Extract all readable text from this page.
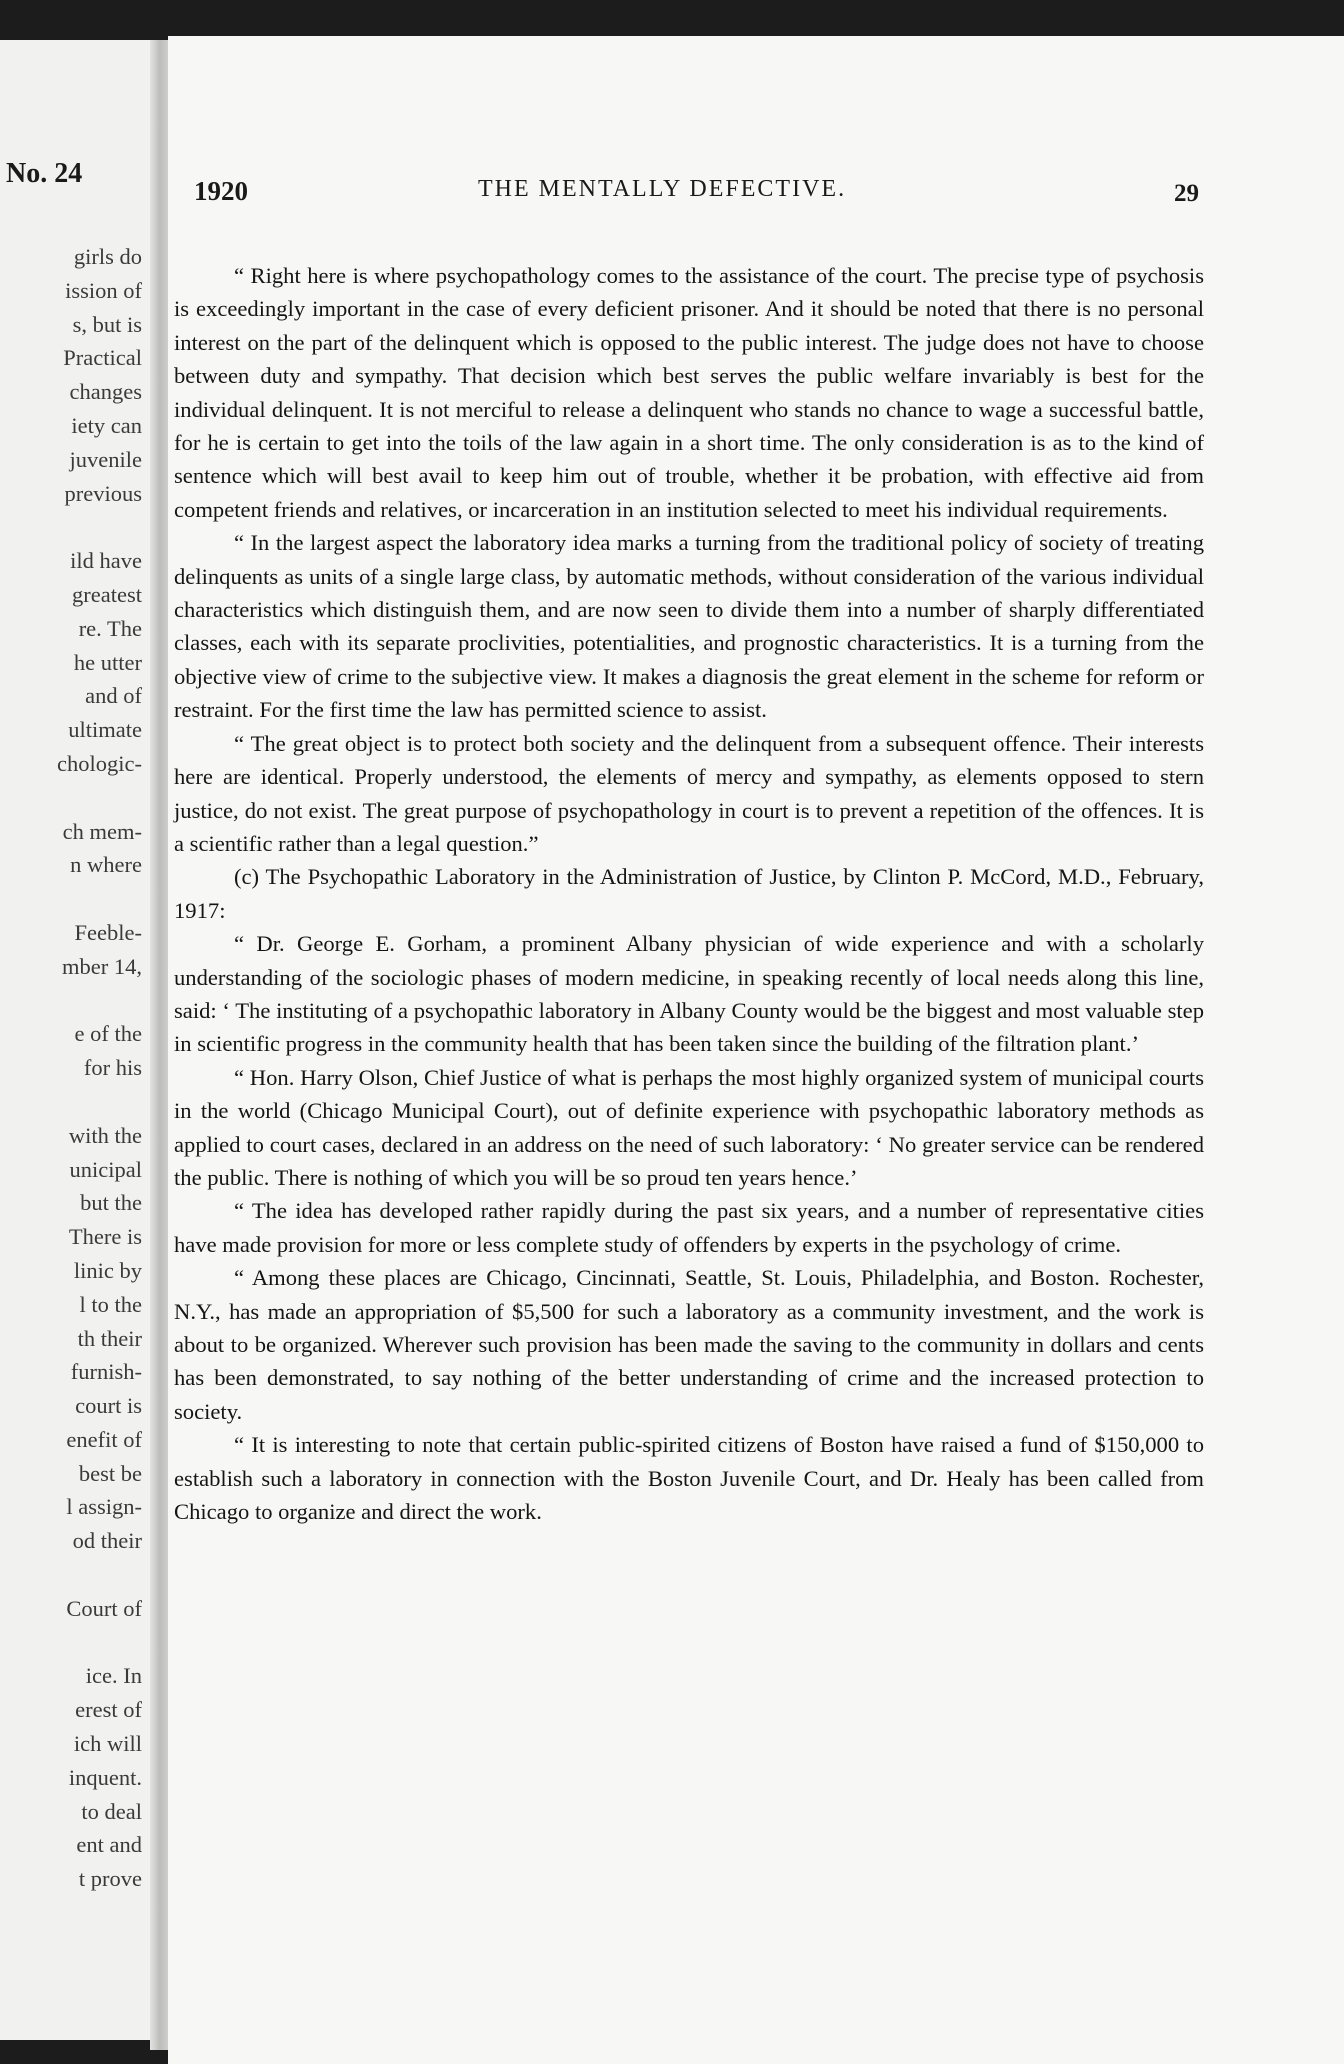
No. 24
girls do
ission of
s, but is
Practical
changes
iety can
juvenile
previous
ild have
greatest
re. The
he utter
and of
ultimate
chologic-
ch mem-
n where
Feeble-
mber 14,
e of the
for his
with the
unicipal
but the
There is
linic by
l to the
th their
furnish-
court is
enefit of
best be
l assign-
od their
Court of
ice. In
erest of
ich will
inquent.
to deal
ent and
t prove
1920	THE MENTALLY DEFECTIVE.	29

“ Right here is where psychopathology comes to the assistance of the court. The precise type of psychosis is exceedingly important in the case of every deficient prisoner. And it should be noted that there is no personal interest on the part of the delinquent which is opposed to the public interest. The judge does not have to choose between duty and sympathy. That decision which best serves the public welfare invariably is best for the individual delinquent. It is not merciful to release a delinquent who stands no chance to wage a successful battle, for he is certain to get into the toils of the law again in a short time. The only consideration is as to the kind of sentence which will best avail to keep him out of trouble, whether it be probation, with effective aid from competent friends and relatives, or incarceration in an institution selected to meet his individual requirements.

“ In the largest aspect the laboratory idea marks a turning from the traditional policy of society of treating delinquents as units of a single large class, by automatic methods, without consideration of the various individual characteristics which distinguish them, and are now seen to divide them into a number of sharply differentiated classes, each with its separate proclivities, potentialities, and prognostic characteristics. It is a turning from the objective view of crime to the subjective view. It makes a diagnosis the great element in the scheme for reform or restraint. For the first time the law has permitted science to assist.

“ The great object is to protect both society and the delinquent from a subsequent offence. Their interests here are identical. Properly understood, the elements of mercy and sympathy, as elements opposed to stern justice, do not exist. The great purpose of psychopathology in court is to prevent a repetition of the offences. It is a scientific rather than a legal question.”

(c) The Psychopathic Laboratory in the Administration of Justice, by Clinton P. McCord, M.D., February, 1917:

“ Dr. George E. Gorham, a prominent Albany physician of wide experience and with a scholarly understanding of the sociologic phases of modern medicine, in speaking recently of local needs along this line, said: ‘ The instituting of a psychopathic laboratory in Albany County would be the biggest and most valuable step in scientific progress in the community health that has been taken since the building of the filtration plant.’

“ Hon. Harry Olson, Chief Justice of what is perhaps the most highly organized system of municipal courts in the world (Chicago Municipal Court), out of definite experience with psychopathic laboratory methods as applied to court cases, declared in an address on the need of such laboratory: ‘ No greater service can be rendered the public. There is nothing of which you will be so proud ten years hence.’

“ The idea has developed rather rapidly during the past six years, and a number of representative cities have made provision for more or less complete study of offenders by experts in the psychology of crime.

“ Among these places are Chicago, Cincinnati, Seattle, St. Louis, Philadelphia, and Boston. Rochester, N.Y., has made an appropriation of $5,500 for such a laboratory as a community investment, and the work is about to be organized. Wherever such provision has been made the saving to the community in dollars and cents has been demonstrated, to say nothing of the better understanding of crime and the increased protection to society.

“ It is interesting to note that certain public-spirited citizens of Boston have raised a fund of $150,000 to establish such a laboratory in connection with the Boston Juvenile Court, and Dr. Healy has been called from Chicago to organize and direct the work.
